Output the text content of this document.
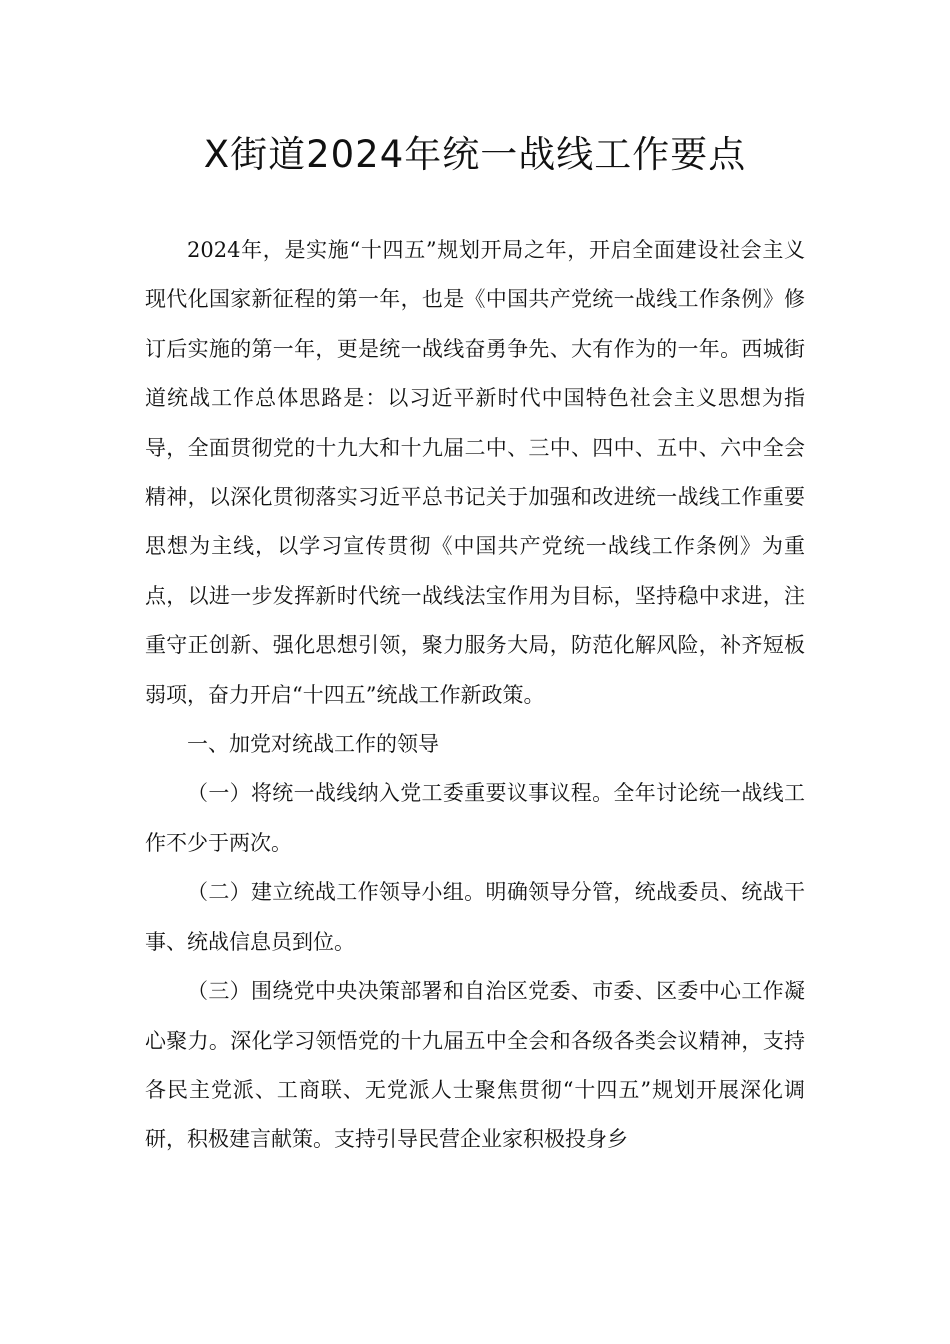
X街道2024年统一战线工作要点

2024年，是实施“十四五”规划开局之年，开启全面建设社会主义现代化国家新征程的第一年，也是《中国共产党统一战线工作条例》修订后实施的第一年，更是统一战线奋勇争先、大有作为的一年。西城街道统战工作总体思路是：以习近平新时代中国特色社会主义思想为指导，全面贯彻党的十九大和十九届二中、三中、四中、五中、六中全会精神，以深化贯彻落实习近平总书记关于加强和改进统一战线工作重要思想为主线，以学习宣传贯彻《中国共产党统一战线工作条例》为重点，以进一步发挥新时代统一战线法宝作用为目标，坚持稳中求进，注重守正创新、强化思想引领，聚力服务大局，防范化解风险，补齐短板弱项，奋力开启“十四五”统战工作新政策。

一、加党对统战工作的领导

（一）将统一战线纳入党工委重要议事议程。全年讨论统一战线工作不少于两次。

（二）建立统战工作领导小组。明确领导分管，统战委员、统战干事、统战信息员到位。

（三）围绕党中央决策部署和自治区党委、市委、区委中心工作凝心聚力。深化学习领悟党的十九届五中全会和各级各类会议精神，支持各民主党派、工商联、无党派人士聚焦贯彻“十四五”规划开展深化调研，积极建言献策。支持引导民营企业家积极投身乡
